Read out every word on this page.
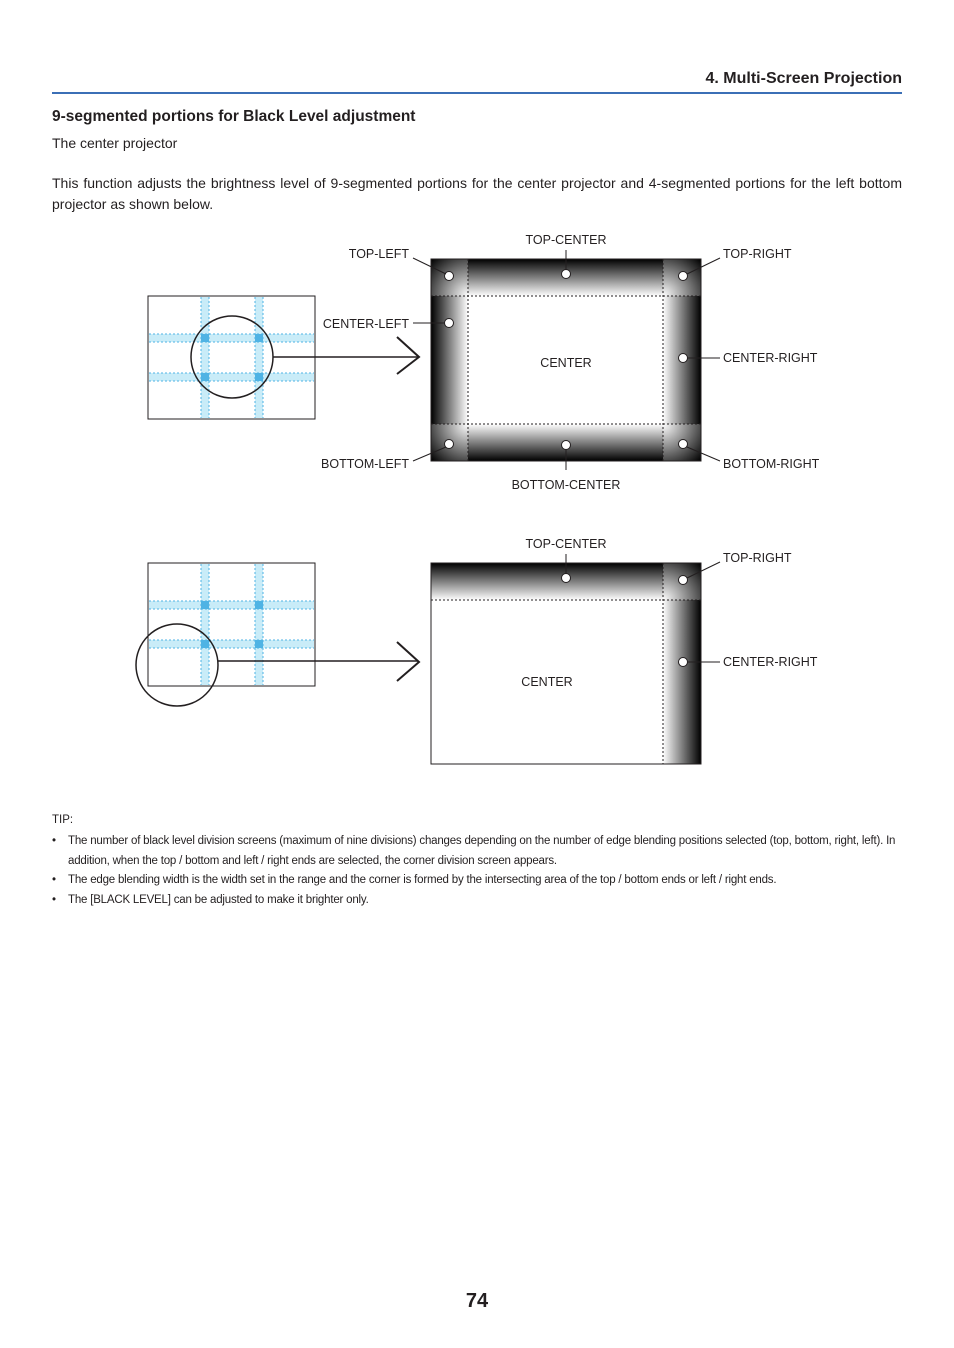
4. Multi-Screen Projection
9-segmented portions for Black Level adjustment
The center projector
This function adjusts the brightness level of 9-segmented portions for the center projector and 4-segmented portions for the left bottom projector as shown below.
TOP-CENTER
TOP-LEFT	TOP-RIGHT
CENTER-LEFT
CENTER	CENTER-RIGHT
BOTTOM-LEFT	BOTTOM-RIGHT
BOTTOM-CENTER
TOP-CENTER
TOP-RIGHT
CENTER
CENTER-RIGHT
TIP:
• The number of black level division screens (maximum of nine divisions) changes depending on the number of edge blending positions selected (top, bottom, right, left). In addition, when the top / bottom and left / right ends are selected, the corner division screen appears.
• The edge blending width is the width set in the range and the corner is formed by the intersecting area of the top / bottom ends or left / right ends.
• The [BLACK LEVEL] can be adjusted to make it brighter only.
74
